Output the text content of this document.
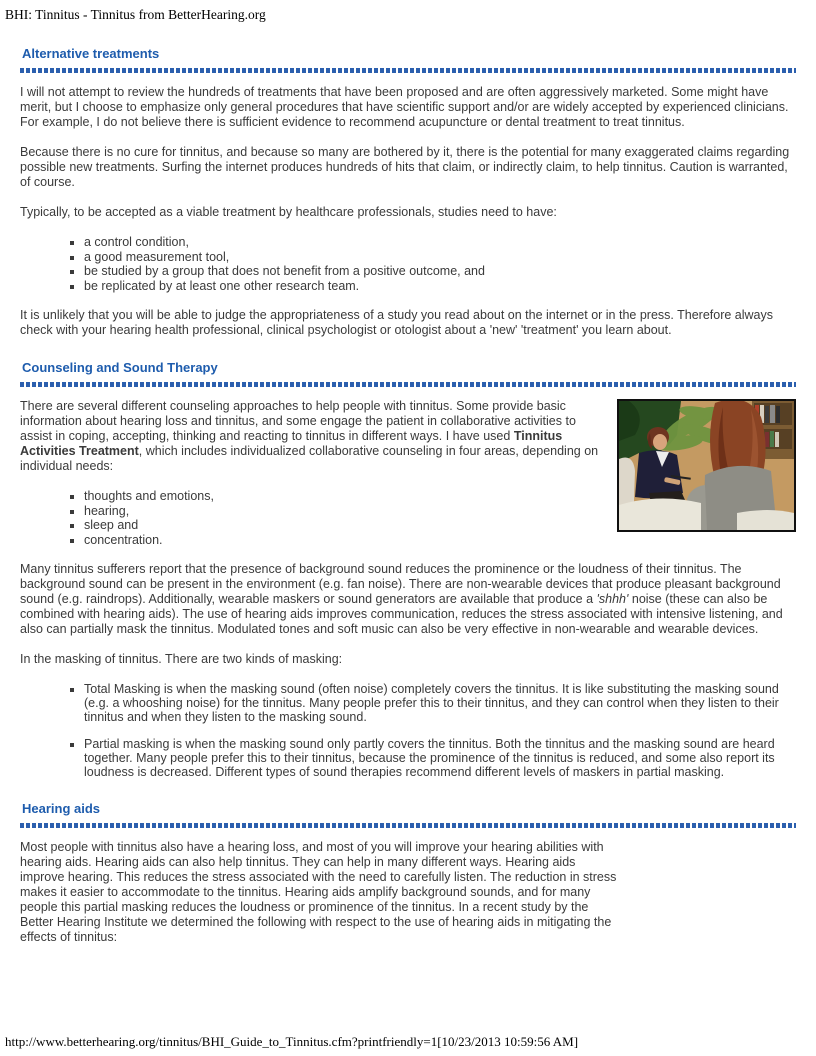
BHI: Tinnitus - Tinnitus from BetterHearing.org
Alternative treatments

I will not attempt to review the hundreds of treatments that have been proposed and are often aggressively marketed. Some might have merit, but I choose to emphasize only general procedures that have scientific support and/or are widely accepted by experienced clinicians. For example, I do not believe there is sufficient evidence to recommend acupuncture or dental treatment to treat tinnitus.

Because there is no cure for tinnitus, and because so many are bothered by it, there is the potential for many exaggerated claims regarding possible new treatments. Surfing the internet produces hundreds of hits that claim, or indirectly claim, to help tinnitus. Caution is warranted, of course.

Typically, to be accepted as a viable treatment by healthcare professionals, studies need to have:

▪ a control condition,
▪ a good measurement tool,
▪ be studied by a group that does not benefit from a positive outcome, and
▪ be replicated by at least one other research team.

It is unlikely that you will be able to judge the appropriateness of a study you read about on the internet or in the press. Therefore always check with your hearing health professional, clinical psychologist or otologist about a 'new' 'treatment' you learn about.

Counseling and Sound Therapy

There are several different counseling approaches to help people with tinnitus. Some provide basic information about hearing loss and tinnitus, and some engage the patient in collaborative activities to assist in coping, accepting, thinking and reacting to tinnitus in different ways. I have used Tinnitus Activities Treatment, which includes individualized collaborative counseling in four areas, depending on individual needs:

▪ thoughts and emotions,
▪ hearing,
▪ sleep and
▪ concentration.

Many tinnitus sufferers report that the presence of background sound reduces the prominence or the loudness of their tinnitus. The background sound can be present in the environment (e.g. fan noise). There are non-wearable devices that produce pleasant background sound (e.g. raindrops). Additionally, wearable maskers or sound generators are available that produce a 'shhh' noise (these can also be combined with hearing aids). The use of hearing aids improves communication, reduces the stress associated with intensive listening, and also can partially mask the tinnitus. Modulated tones and soft music can also be very effective in non-wearable and wearable devices.

In the masking of tinnitus. There are two kinds of masking:

▪ Total Masking is when the masking sound (often noise) completely covers the tinnitus. It is like substituting the masking sound (e.g. a whooshing noise) for the tinnitus. Many people prefer this to their tinnitus, and they can control when they listen to their tinnitus and when they listen to the masking sound.
▪ Partial masking is when the masking sound only partly covers the tinnitus. Both the tinnitus and the masking sound are heard together. Many people prefer this to their tinnitus, because the prominence of the tinnitus is reduced, and some also report its loudness is decreased. Different types of sound therapies recommend different levels of maskers in partial masking.
Hearing aids

Most people with tinnitus also have a hearing loss, and most of you will improve your hearing abilities with hearing aids. Hearing aids can also help tinnitus. They can help in many different ways. Hearing aids improve hearing. This reduces the stress associated with the need to carefully listen. The reduction in stress makes it easier to accommodate to the tinnitus. Hearing aids amplify background sounds, and for many people this partial masking reduces the loudness or prominence of the tinnitus. In a recent study by the Better Hearing Institute we determined the following with respect to the use of hearing aids in mitigating the effects of tinnitus:

http://www.betterhearing.org/tinnitus/BHI_Guide_to_Tinnitus.cfm?printfriendly=1[10/23/2013 10:59:56 AM]
